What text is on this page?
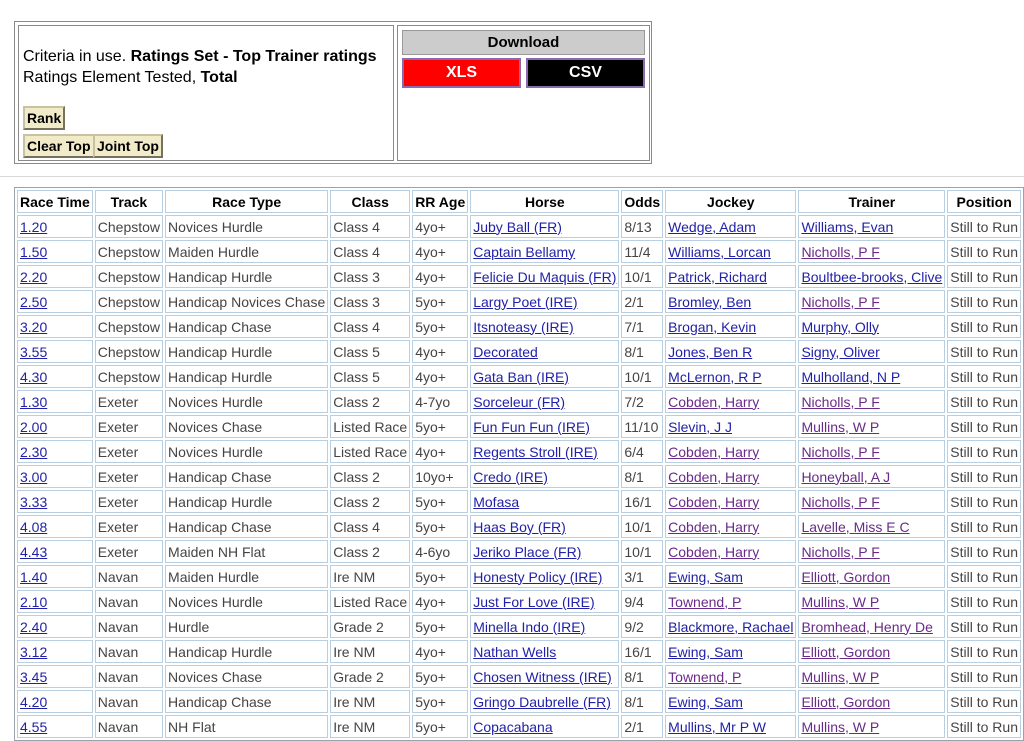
Criteria in use. Ratings Set - Top Trainer ratings
Ratings Element Tested, Total
Rank
Clear Top Joint Top
Download
XLS	CSV
Race Time	Track	Race Type	Class	RR Age	Horse	Odds	Jockey	Trainer	Position
1.20	Chepstow	Novices Hurdle	Class 4	4yo+	Juby Ball (FR)	8/13	Wedge, Adam	Williams, Evan	Still to Run
1.50	Chepstow	Maiden Hurdle	Class 4	4yo+	Captain Bellamy	11/4	Williams, Lorcan	Nicholls, P F	Still to Run
2.20	Chepstow	Handicap Hurdle	Class 3	4yo+	Felicie Du Maquis (FR)	10/1	Patrick, Richard	Boultbee-brooks, Clive	Still to Run
2.50	Chepstow	Handicap Novices Chase	Class 3	5yo+	Largy Poet (IRE)	2/1	Bromley, Ben	Nicholls, P F	Still to Run
3.20	Chepstow	Handicap Chase	Class 4	5yo+	Itsnoteasy (IRE)	7/1	Brogan, Kevin	Murphy, Olly	Still to Run
3.55	Chepstow	Handicap Hurdle	Class 5	4yo+	Decorated	8/1	Jones, Ben R	Signy, Oliver	Still to Run
4.30	Chepstow	Handicap Hurdle	Class 5	4yo+	Gata Ban (IRE)	10/1	McLernon, R P	Mulholland, N P	Still to Run
1.30	Exeter	Novices Hurdle	Class 2	4-7yo	Sorceleur (FR)	7/2	Cobden, Harry	Nicholls, P F	Still to Run
2.00	Exeter	Novices Chase	Listed Race	5yo+	Fun Fun Fun (IRE)	11/10	Slevin, J J	Mullins, W P	Still to Run
2.30	Exeter	Novices Hurdle	Listed Race	4yo+	Regents Stroll (IRE)	6/4	Cobden, Harry	Nicholls, P F	Still to Run
3.00	Exeter	Handicap Chase	Class 2	10yo+	Credo (IRE)	8/1	Cobden, Harry	Honeyball, A J	Still to Run
3.33	Exeter	Handicap Hurdle	Class 2	5yo+	Mofasa	16/1	Cobden, Harry	Nicholls, P F	Still to Run
4.08	Exeter	Handicap Chase	Class 4	5yo+	Haas Boy (FR)	10/1	Cobden, Harry	Lavelle, Miss E C	Still to Run
4.43	Exeter	Maiden NH Flat	Class 2	4-6yo	Jeriko Place (FR)	10/1	Cobden, Harry	Nicholls, P F	Still to Run
1.40	Navan	Maiden Hurdle	Ire NM	5yo+	Honesty Policy (IRE)	3/1	Ewing, Sam	Elliott, Gordon	Still to Run
2.10	Navan	Novices Hurdle	Listed Race	4yo+	Just For Love (IRE)	9/4	Townend, P	Mullins, W P	Still to Run
2.40	Navan	Hurdle	Grade 2	5yo+	Minella Indo (IRE)	9/2	Blackmore, Rachael	Bromhead, Henry De	Still to Run
3.12	Navan	Handicap Hurdle	Ire NM	4yo+	Nathan Wells	16/1	Ewing, Sam	Elliott, Gordon	Still to Run
3.45	Navan	Novices Chase	Grade 2	5yo+	Chosen Witness (IRE)	8/1	Townend, P	Mullins, W P	Still to Run
4.20	Navan	Handicap Chase	Ire NM	5yo+	Gringo Daubrelle (FR)	8/1	Ewing, Sam	Elliott, Gordon	Still to Run
4.55	Navan	NH Flat	Ire NM	5yo+	Copacabana	2/1	Mullins, Mr P W	Mullins, W P	Still to Run
